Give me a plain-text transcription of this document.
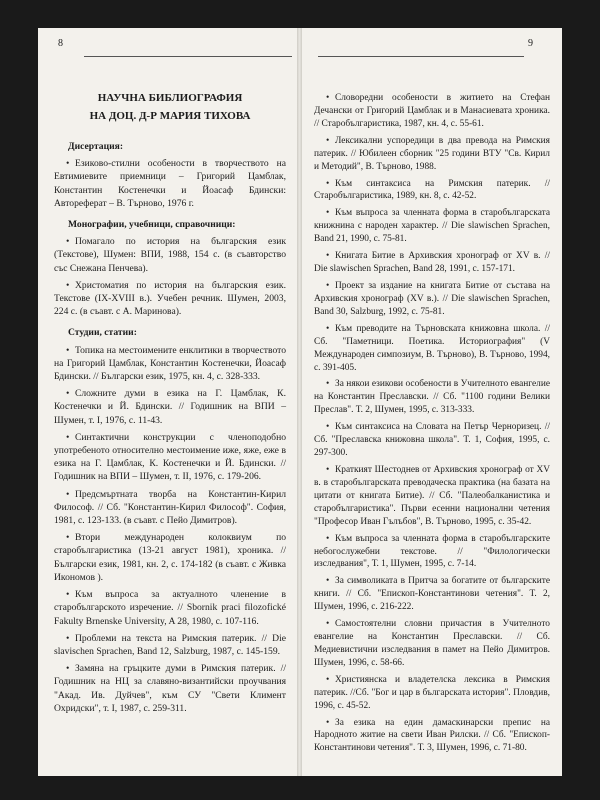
8	9
НАУЧНА БИБЛИОГРАФИЯ
НА ДОЦ. Д-Р МАРИЯ ТИХОВА

Дисертация:

• Езиково-стилни особености в творчеството на Евтимиевите приемници – Григорий Цамблак, Константин Костенечки и Йоасаф Бдински: Автореферат – В. Търново, 1976 г.

Монографии, учебници, справочници:

• Помагало по история на българския език (Текстове), Шумен: ВПИ, 1988, 154 с. (в съавторство със Снежана Пенчева).

• Христоматия по история на българския език. Текстове (IX-XVIII в.). Учебен речник. Шумен, 2003, 224 с. (в съавт. с А. Маринова).

Студии, статии:

• Топика на местоимените енклитики в творчеството на Григорий Цамблак, Константин Костенечки, Йоасаф Бдински. // Български език, 1975, кн. 4, с. 328-333.

• Сложните думи в езика на Г. Цамблак, К. Костенечки и Й. Бдински. // Годишник на ВПИ – Шумен, т. I, 1976, с. 11-43.

• Синтактични конструкции с членоподобно употребеното относително местоимение иже, яже, еже в езика на Г. Цамблак, К. Костенечки и Й. Бдински. // Годишник на ВПИ – Шумен, т. II, 1976, с. 179-206.

• Предсмъртната творба на Константин-Кирил Философ. // Сб. "Константин-Кирил Философ". София, 1981, с. 123-133. (в съавт. с Пейо Димитров).

• Втори международен колоквиум по старобългаристика (13-21 август 1981), хроника. // Български език, 1981, кн. 2, с. 174-182 (в съавт. с Живка Икономов ).

• Към въпроса за актуалното членение в старобългарското изречение. // Sbornik praci filozofické Fakulty Brnenske University, A 28, 1980, с. 107-116.

• Проблеми на текста на Римския патерик. // Die slavischen Sprachen, Band 12, Salzburg, 1987, с. 145-159.

• Замяна на гръцките думи в Римския патерик. // Годишник на НЦ за славяно-византийски проучвания "Акад. Ив. Дуйчев", към СУ "Свети Климент Охридски", т. I, 1987, с. 259-311.

• Словоредни особености в житието на Стефан Дечански от Григорий Цамблак и в Манасиевата хроника. // Старобългаристика, 1987, кн. 4, с. 55-61.

• Лексикални успоредици в два превода на Римския патерик. // Юбилеен сборник "25 години ВТУ "Св. Кирил и Методий", В. Търново, 1988.

• Към синтаксиса на Римския патерик. // Старобългаристика, 1989, кн. 8, с. 42-52.

• Към въпроса за членната форма в старобългарската книжнина с народен характер. // Die slawischen Sprachen, Band 21, 1990, с. 75-81.

• Книгата Битие в Архивския хронограф от XV в. // Die slawischen Sprachen, Band 28, 1991, с. 157-171.

• Проект за издание на книгата Битие от състава на Архивския хронограф (XV в.). // Die slawischen Sprachen, Band 30, Salzburg, 1992, с. 75-81.

• Към преводите на Търновската книжовна школа. // Сб. "Паметници. Поетика. Историография" (V Международен симпозиум, В. Търново), В. Търново, 1994, с. 391-405.

• За някои езикови особености в Учителното евангелие на Константин Преславски. // Сб. "1100 години Велики Преслав". Т. 2, Шумен, 1995, с. 313-333.

• Към синтаксиса на Словата на Петър Черноризец. // Сб. "Преславска книжовна школа". Т. 1, София, 1995, с. 297-300.

• Краткият Шестоднев от Архивския хронограф от XV в. в старобългарската преводаческа практика (на базата на цитати от книгата Битие). // Сб. "Палеобалканистика и старобългаристика". Първи есенни национални четения "Професор Иван Гълъбов", В. Търново, 1995, с. 35-42.

• Към въпроса за членната форма в старобългарските небогослужебни текстове. // "Филологически изследвания", Т. 1, Шумен, 1995, с. 7-14.

• За символиката в Притча за богатите от българските книги. // Сб. "Епископ-Константинови четения". Т. 2, Шумен, 1996, с. 216-222.

• Самостоятелни словни причастия в Учителното евангелие на Константин Преславски. // Сб. Медиевистични изследвания в памет на Пейо Димитров. Шумен, 1996, с. 58-66.

• Християнска и владетелска лексика в Римския патерик. //Сб. "Бог и цар в българската история". Пловдив, 1996, с. 45-52.

• За езика на един дамаскинарски препис на Народното житие на свети Иван Рилски. // Сб. "Епископ-Константинови четения". Т. 3, Шумен, 1996, с. 71-80.
